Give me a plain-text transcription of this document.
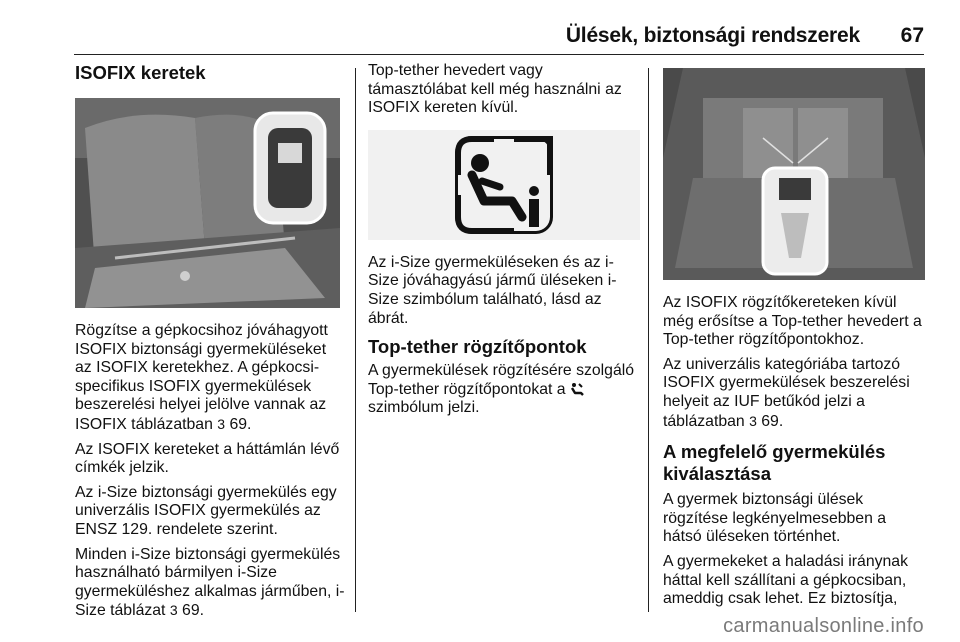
Ülések, biztonsági rendszerek 67
ISOFIX keretek

Rögzítse a gépkocsihoz jóváhagyott ISOFIX biztonsági gyermeküléseket az ISOFIX keretekhez. A gépkocsi-specifikus ISOFIX gyermekülések beszerelési helyei jelölve vannak az ISOFIX táblázatban 3 69.

Az ISOFIX kereteket a háttámlán lévő címkék jelzik.

Az i-Size biztonsági gyermekülés egy univerzális ISOFIX gyermekülés az ENSZ 129. rendelete szerint.

Minden i-Size biztonsági gyermekülés használható bármilyen i-Size gyermeküléshez alkalmas járműben, i-Size táblázat 3 69.

Top-tether hevedert vagy támasztólábat kell még használni az ISOFIX kereten kívül.

Az i-Size gyermeküléseken és az i-Size jóváhagyású jármű üléseken i-Size szimbólum található, lásd az ábrát.

Top-tether rögzítőpontok

A gyermekülések rögzítésére szolgáló Top-tether rögzítőpontokat a  szimbólum jelzi.

Az ISOFIX rögzítőkereteken kívül még erősítse a Top-tether hevedert a Top-tether rögzítőpontokhoz.

Az univerzális kategóriába tartozó ISOFIX gyermekülések beszerelési helyeit az IUF betűkód jelzi a táblázatban 3 69.

A megfelelő gyermekülés kiválasztása

A gyermek biztonsági ülések rögzítése legkényelmesebben a hátsó üléseken történhet.

A gyermekeket a haladási iránynak háttal kell szállítani a gépkocsiban, ameddig csak lehet. Ez biztosítja,

carmanualsonline.info
